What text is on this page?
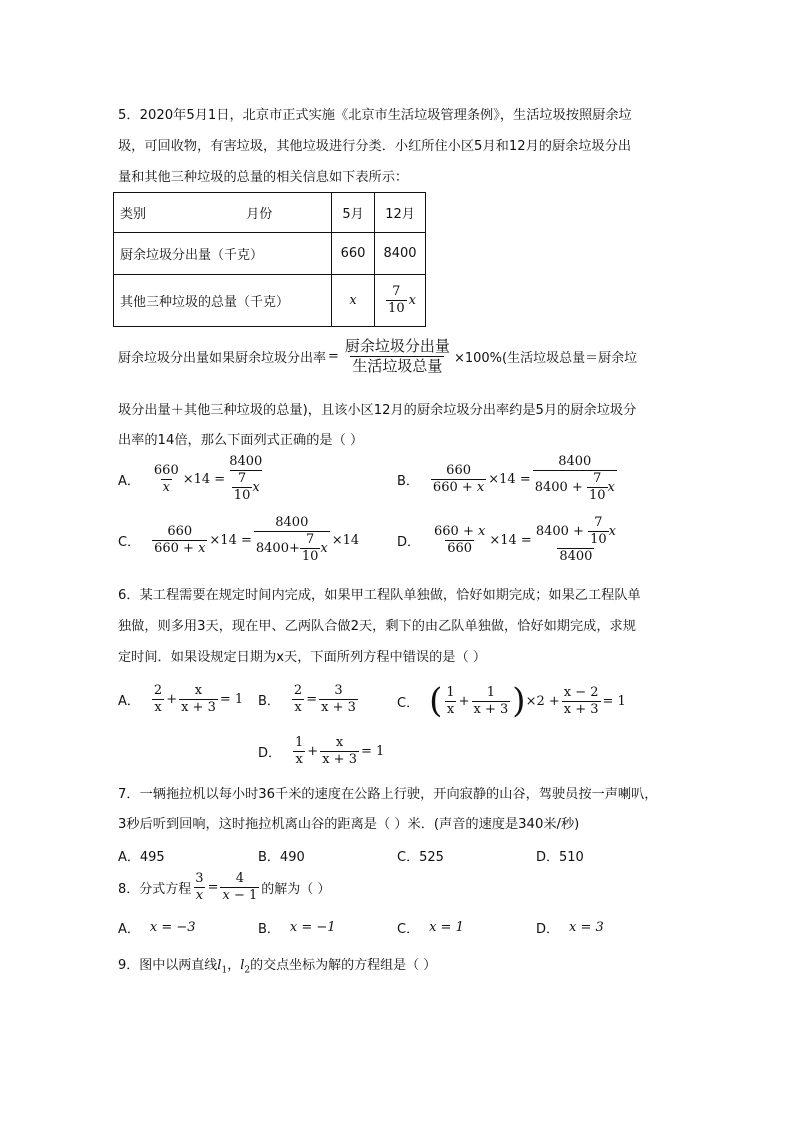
5．2020年5月1日，北京市正式实施《北京市生活垃圾管理条例》，生活垃圾按照厨余垃
圾，可回收物，有害垃圾，其他垃圾进行分类．小红所住小区5月和12月的厨余垃圾分出
量和其他三种垃圾的总量的相关信息如下表所示：
类别 月份	5月	12月
厨余垃圾分出量（千克）	660	8400
其他三种垃圾的总量（千克）	x	$\frac{7}{10}$ x
厨余垃圾分出量如果厨余垃圾分出率 =
厨余垃圾分出量
生活垃圾总量 ×100%(生活垃圾总量＝厨余垃
圾分出量＋其他三种垃圾的总量)，且该小区12月的厨余垃圾分出率约是5月的厨余垃圾分
出率的14倍，那么下面列式正确的是（ ）
A． $\frac{660}{x} \times 14 = \frac{8400}{\frac{7}{10} x}$	B． $\frac{660}{660 + x} \times 14 = \frac{8400}{8400 + \frac{7}{10} x}$
C． $\frac{660}{660 + x} \times 14 = \frac{8400}{8400+ \frac{7}{10} x} \times 14$	D． $\frac{660 + x}{660} \times 14 = \frac{8400 + \frac{7}{10} x}{8400}$
6．某工程需要在规定时间内完成，如果甲工程队单独做，恰好如期完成；如果乙工程队单
独做，则多用3天，现在甲、乙两队合做2天，剩下的由乙队单独做，恰好如期完成，求规
定时间．如果设规定日期为x天，下面所列方程中错误的是（ ）
A．
2
x
+ $\frac{x}{x + 3} = 1$ B． $\frac{2}{x} = \frac{3}{x + 3}$	C． ( 1
x
+ $\frac{1}{x + 3}$ ) $\times 2 + \frac{x - 2}{x + 3} = 1$
D．
1
x
+ $\frac{x}{x + 3} = 1$
7．一辆拖拉机以每小时36千米的速度在公路上行驶，开向寂静的山谷，驾驶员按一声喇叭，
3秒后听到回响，这时拖拉机离山谷的距离是（ ）米．(声音的速度是340米/秒)
A．495	B．490	C．525	D．510
8．分式方程 $\frac{3}{x} = \frac{4}{x - 1}$ 的解为（ ）
A． x = −3	B． x = −1	C． x = 1	D． x = 3
9．图中以两直线$l_1$，$l_2$的交点坐标为解的方程组是（ ）
